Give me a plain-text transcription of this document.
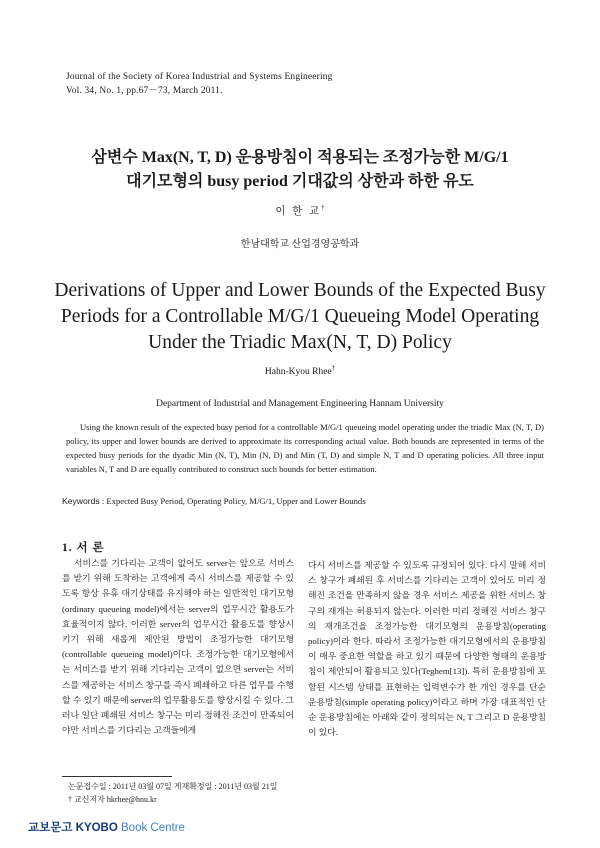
Journal of the Society of Korea Industrial and Systems Engineering
Vol. 34, No. 1, pp.67－73, March 2011.
삼변수 Max(N, T, D) 운용방침이 적용되는 조정가능한 M/G/1
대기모형의 busy period 기대값의 상한과 하한 유도
이 한 교†
한남대학교 산업경영공학과
Derivations of Upper and Lower Bounds of the Expected Busy
Periods for a Controllable M/G/1 Queueing Model Operating
Under the Triadic Max(N, T, D) Policy
Hahn-Kyou Rhee†
Department of Industrial and Management Engineering Hannam University

Using the known result of the expected busy period for a controllable M/G/1 queueing model operating under the triadic Max (N, T, D) policy, its upper and lower bounds are derived to approximate its corresponding actual value. Both bounds are represented in terms of the expected busy periods for the dyadic Min (N, T), Min (N, D) and Min (T, D) and simple N, T and D operating policies. All three input variables N, T and D are equally contributed to construct such bounds for better estimation.

Keywords : Expected Busy Period, Operating Policy, M/G/1, Upper and Lower Bounds
1. 서 론

서비스를 기다리는 고객이 없어도 server는 앞으로 서비스를 받기 위해 도착하는 고객에게 즉시 서비스를 제공할 수 있도록 항상 유휴 대기상태를 유지해야 하는 일반적인 대기모형(ordinary queueing model)에서는 server의 업무시간 활용도가 효율적이지 않다. 이러한 server의 업무시간 활용도를 향상시키기 위해 새롭게 제안된 방법이 조정가능한 대기모형(controllable queueing model)이다. 조정가능한 대기모형에서는 서비스를 받기 위해 기다리는 고객이 없으면 server는 서비스를 제공하는 서비스 창구를 즉시 폐쇄하고 다른 업무를 수행할 수 있기 때문에 server의 업무활용도를 향상시킬 수 있다. 그러나 일단 폐쇄된 서비스 창구는 미리 정해진 조건이 만족되어야만 서비스를 기다리는 고객들에게

다시 서비스를 제공할 수 있도록 규정되어 있다. 다시 말해 서비스 창구가 폐쇄된 후 서비스를 기다리는 고객이 있어도 미리 정해진 조건을 만족하지 않을 경우 서비스 제공을 위한 서비스 창구의 재개는 허용되지 않는다. 이러한 미리 정해진 서비스 창구의 재개조건을 조정가능한 대기모형의 운용방침(operating policy)이라 한다. 따라서 조정가능한 대기모형에서의 운용방침이 매우 중요한 역할을 하고 있기 때문에 다양한 형태의 운용방침이 제안되어 활용되고 있다(Teghem[13]). 특히 운용방침에 포함된 시스템 상태를 표현하는 입력변수가 한 개인 경우를 단순 운용방침(simple operating policy)이라고 하며 가장 대표적인 단순 운용방침에는 아래와 같이 정의되는 N, T 그리고 D 운용방침이 있다.

논문접수일 : 2011년 03월 07일 게재확정일 : 2011년 03월 21일
† 교신저자 hkrhee@hnu.kr
교보문고 KYOBO Book Centre
